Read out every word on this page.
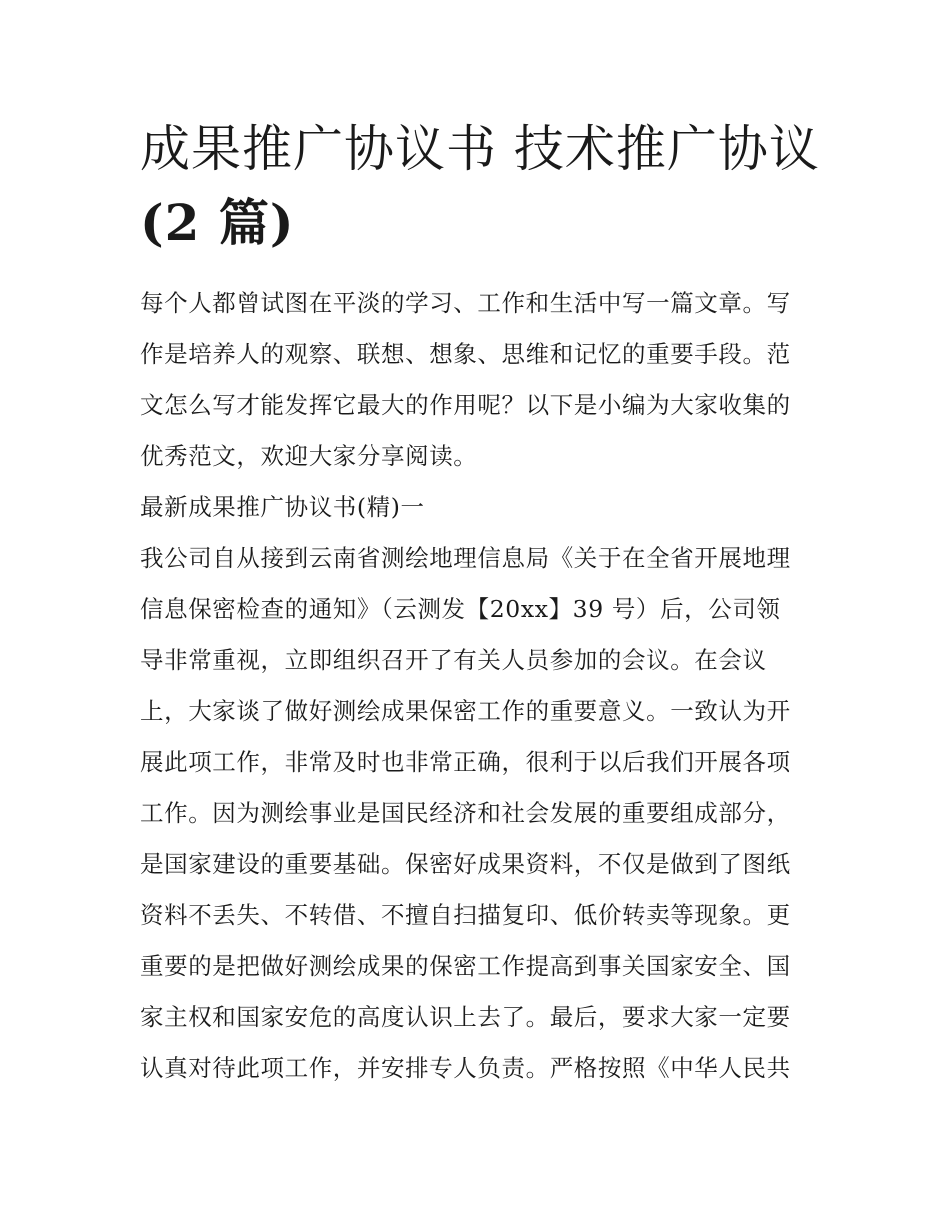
成果推广协议书 技术推广协议
(2 篇)
每个人都曾试图在平淡的学习、工作和生活中写一篇文章。写
作是培养人的观察、联想、想象、思维和记忆的重要手段。范
文怎么写才能发挥它最大的作用呢？以下是小编为大家收集的
优秀范文，欢迎大家分享阅读。
最新成果推广协议书(精)一
我公司自从接到云南省测绘地理信息局《关于在全省开展地理
信息保密检查的通知》（云测发【20xx】39 号）后，公司领
导非常重视，立即组织召开了有关人员参加的会议。在会议
上，大家谈了做好测绘成果保密工作的重要意义。一致认为开
展此项工作，非常及时也非常正确，很利于以后我们开展各项
工作。因为测绘事业是国民经济和社会发展的重要组成部分，
是国家建设的重要基础。保密好成果资料，不仅是做到了图纸
资料不丢失、不转借、不擅自扫描复印、低价转卖等现象。更
重要的是把做好测绘成果的保密工作提高到事关国家安全、国
家主权和国家安危的高度认识上去了。最后，要求大家一定要
认真对待此项工作，并安排专人负责。严格按照《中华人民共
